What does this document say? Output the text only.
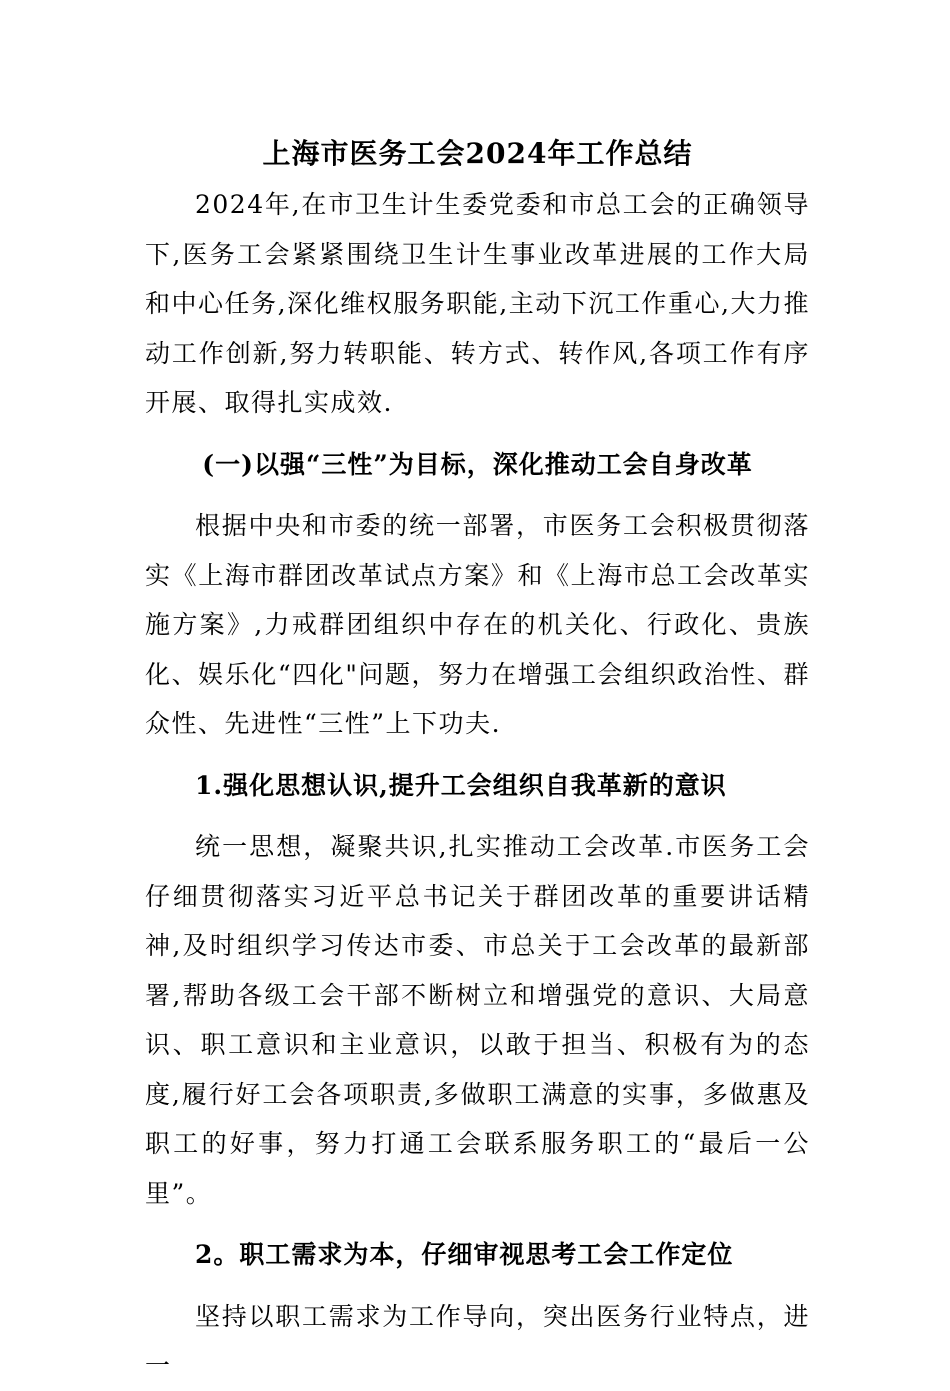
上海市医务工会2024年工作总结

2024年,在市卫生计生委党委和市总工会的正确领导下,医务工会紧紧围绕卫生计生事业改革进展的工作大局和中心任务,深化维权服务职能,主动下沉工作重心,大力推动工作创新,努力转职能、转方式、转作风,各项工作有序开展、取得扎实成效.

(一)以强“三性”为目标，深化推动工会自身改革

根据中央和市委的统一部署，市医务工会积极贯彻落实《上海市群团改革试点方案》和《上海市总工会改革实施方案》,力戒群团组织中存在的机关化、行政化、贵族化、娱乐化“四化"问题，努力在增强工会组织政治性、群众性、先进性“三性”上下功夫.

1.强化思想认识,提升工会组织自我革新的意识

统一思想，凝聚共识,扎实推动工会改革.市医务工会仔细贯彻落实习近平总书记关于群团改革的重要讲话精神,及时组织学习传达市委、市总关于工会改革的最新部署,帮助各级工会干部不断树立和增强党的意识、大局意识、职工意识和主业意识，以敢于担当、积极有为的态度,履行好工会各项职责,多做职工满意的实事，多做惠及职工的好事，努力打通工会联系服务职工的“最后一公里”。

2。职工需求为本，仔细审视思考工会工作定位

坚持以职工需求为工作导向，突出医务行业特点，进一
